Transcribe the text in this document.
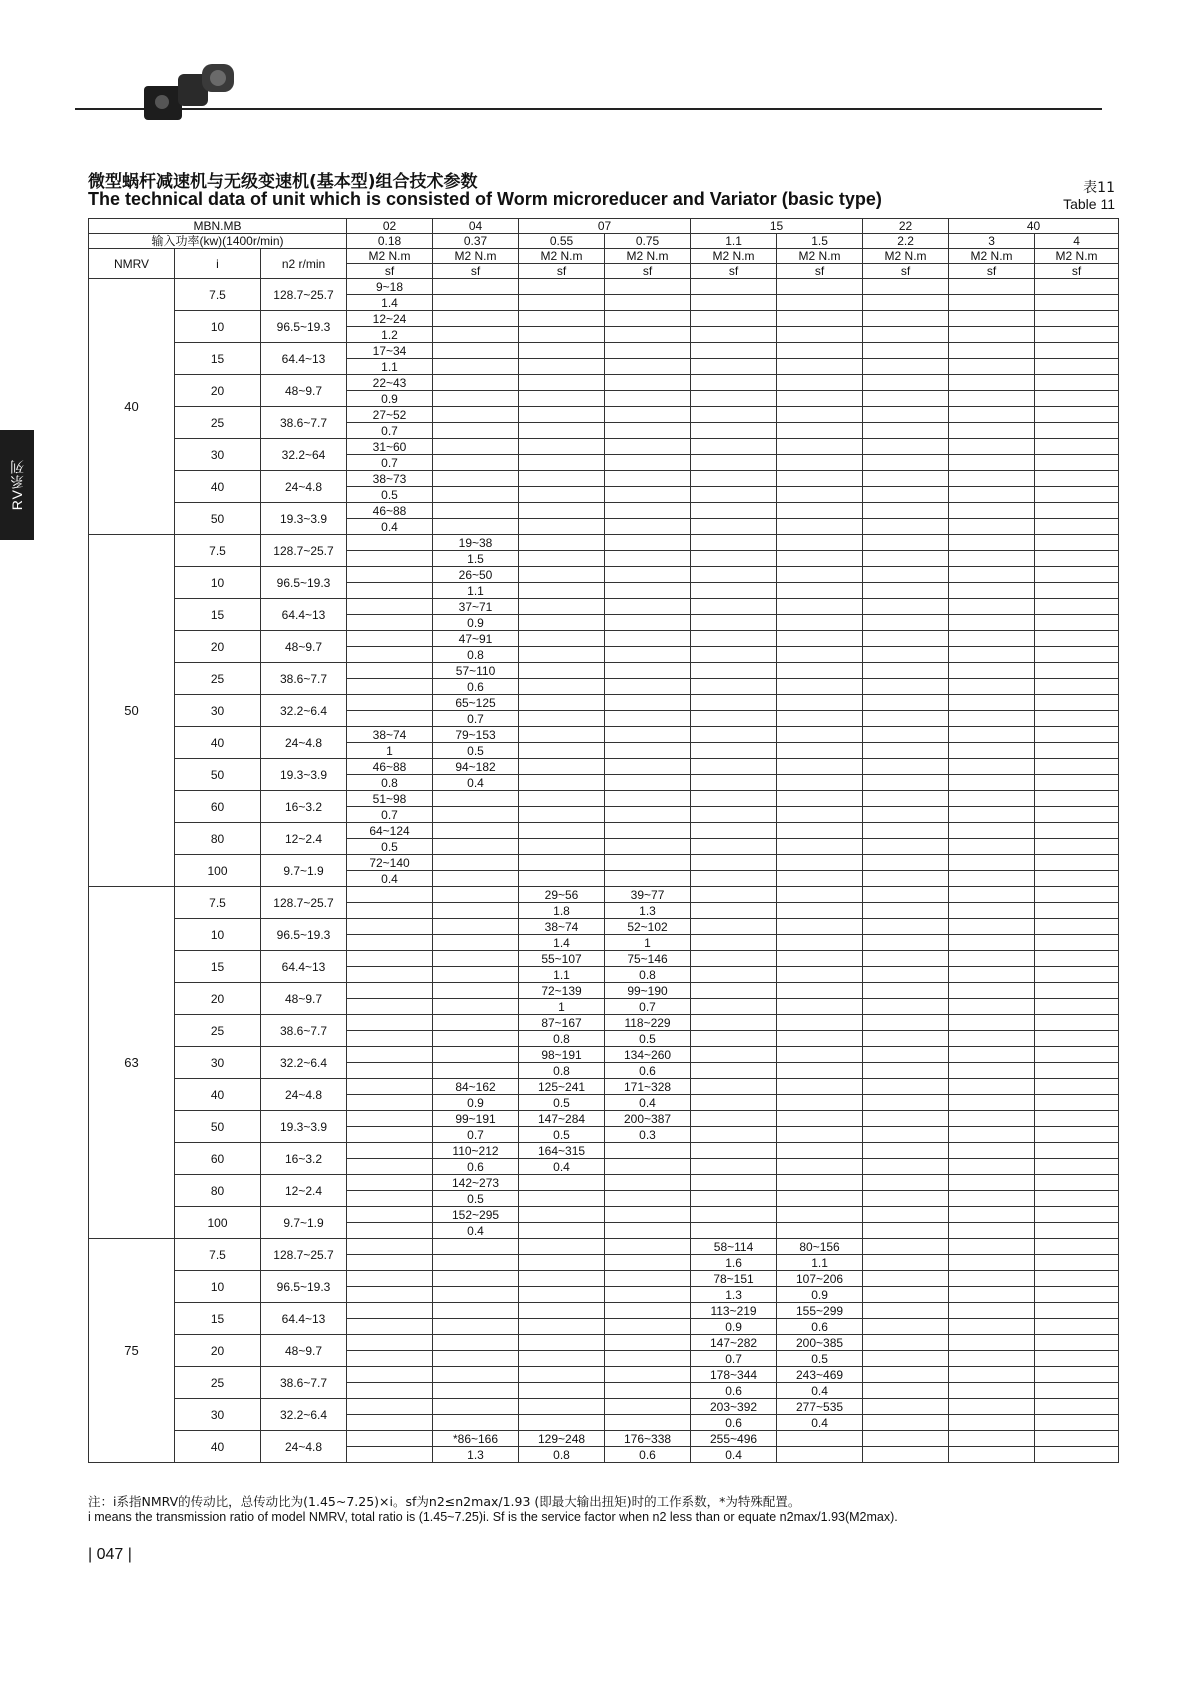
RV系列
微型蜗杆减速机与无级变速机(基本型)组合技术参数
The technical data of unit which is consisted of Worm microreducer and Variator (basic type)
表11
Table 11
MBN.MB			02	04	07		15		22	40	
输入功率(kw)(1400r/min)			0.18	0.37	0.55	0.75	1.1	1.5	2.2	3	4
NMRV	i	n2 r/min	M2 N.m	M2 N.m	M2 N.m	M2 N.m	M2 N.m	M2 N.m	M2 N.m	M2 N.m	M2 N.m
			sf	sf	sf	sf	sf	sf	sf	sf	sf
40	7.5	128.7~25.7	9~18								
			1.4								
	10	96.5~19.3	12~24								
			1.2								
	15	64.4~13	17~34								
			1.1								
	20	48~9.7	22~43								
			0.9								
	25	38.6~7.7	27~52								
			0.7								
	30	32.2~64	31~60								
			0.7								
	40	24~4.8	38~73								
			0.5								
	50	19.3~3.9	46~88								
			0.4								
50	7.5	128.7~25.7		19~38							
				1.5							
	10	96.5~19.3		26~50							
				1.1							
	15	64.4~13		37~71							
				0.9							
	20	48~9.7		47~91							
				0.8							
	25	38.6~7.7		57~110							
				0.6							
	30	32.2~6.4		65~125							
				0.7							
	40	24~4.8	38~74	79~153							
			1	0.5							
	50	19.3~3.9	46~88	94~182							
			0.8	0.4							
	60	16~3.2	51~98								
			0.7								
	80	12~2.4	64~124								
			0.5								
	100	9.7~1.9	72~140								
			0.4								
63	7.5	128.7~25.7			29~56	39~77					
					1.8	1.3					
	10	96.5~19.3			38~74	52~102					
					1.4	1					
	15	64.4~13			55~107	75~146					
					1.1	0.8					
	20	48~9.7			72~139	99~190					
					1	0.7					
	25	38.6~7.7			87~167	118~229					
					0.8	0.5					
	30	32.2~6.4			98~191	134~260					
					0.8	0.6					
	40	24~4.8		84~162	125~241	171~328					
				0.9	0.5	0.4					
	50	19.3~3.9		99~191	147~284	200~387					
				0.7	0.5	0.3					
	60	16~3.2		110~212	164~315						
				0.6	0.4						
	80	12~2.4		142~273							
				0.5							
	100	9.7~1.9		152~295							
				0.4							
75	7.5	128.7~25.7					58~114	80~156			
							1.6	1.1			
	10	96.5~19.3					78~151	107~206			
							1.3	0.9			
	15	64.4~13					113~219	155~299			
							0.9	0.6			
	20	48~9.7					147~282	200~385			
							0.7	0.5			
	25	38.6~7.7					178~344	243~469			
							0.6	0.4			
	30	32.2~6.4					203~392	277~535			
							0.6	0.4			
	40	24~4.8		*86~166	129~248	176~338	255~496				
				1.3	0.8	0.6	0.4				
注：i系指NMRV的传动比，总传动比为(1.45~7.25)×i。sf为n2≤n2max/1.93 (即最大输出扭矩)时的工作系数，*为特殊配置。
i means the transmission ratio of model NMRV, total ratio is (1.45~7.25)i. Sf is the service factor when n2 less than or equate n2max/1.93(M2max).
| 047 |
